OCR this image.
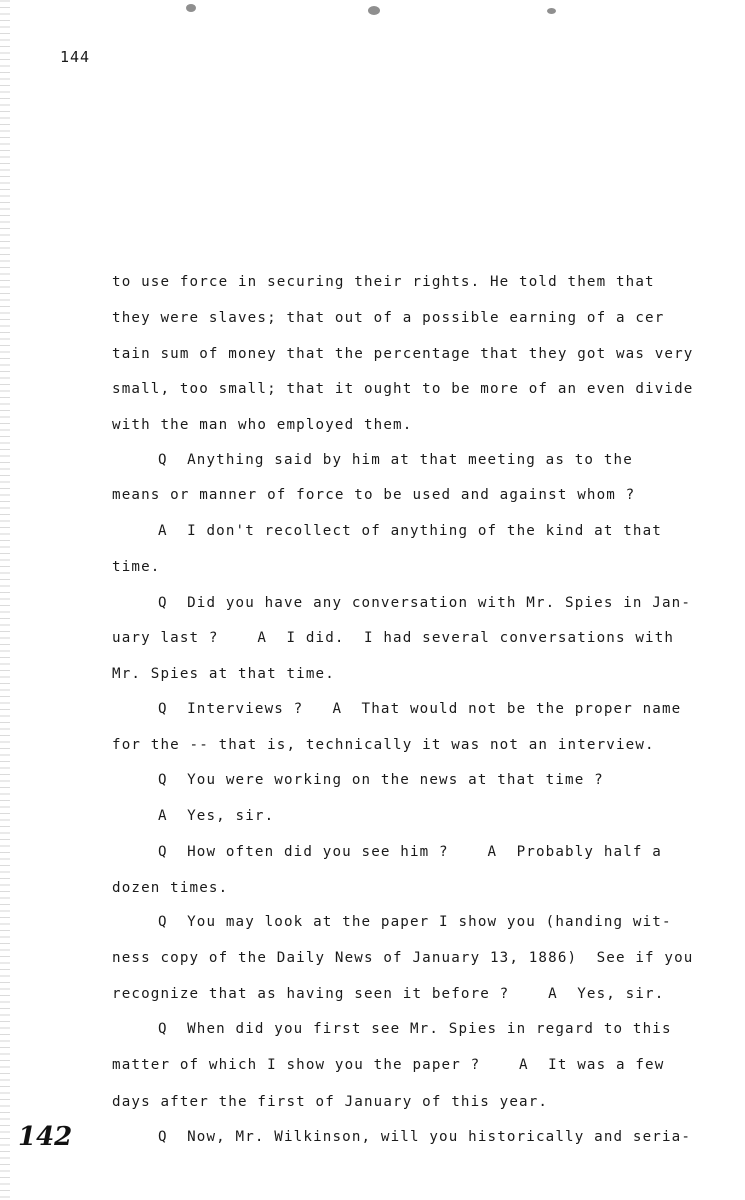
144
to use force in securing their rights. He told them that
they were slaves; that out of a possible earning of a cer
tain sum of money that the percentage that they got was very
small, too small; that it ought to be more of an even divide
with the man who employed them.
Q  Anything said by him at that meeting as to the
means or manner of force to be used and against whom ?
A  I don't recollect of anything of the kind at that
time.
Q  Did you have any conversation with Mr. Spies in Jan-
uary last ?    A  I did.  I had several conversations with
Mr. Spies at that time.
Q  Interviews ?   A  That would not be the proper name
for the -- that is, technically it was not an interview.
Q  You were working on the news at that time ?
A  Yes, sir.
Q  How often did you see him ?    A  Probably half a
dozen times.
Q  You may look at the paper I show you (handing wit-
ness copy of the Daily News of January 13, 1886)  See if you
recognize that as having seen it before ?    A  Yes, sir.
Q  When did you first see Mr. Spies in regard to this
matter of which I show you the paper ?    A  It was a few
days after the first of January of this year.
Q  Now, Mr. Wilkinson, will you historically and seria-
142
